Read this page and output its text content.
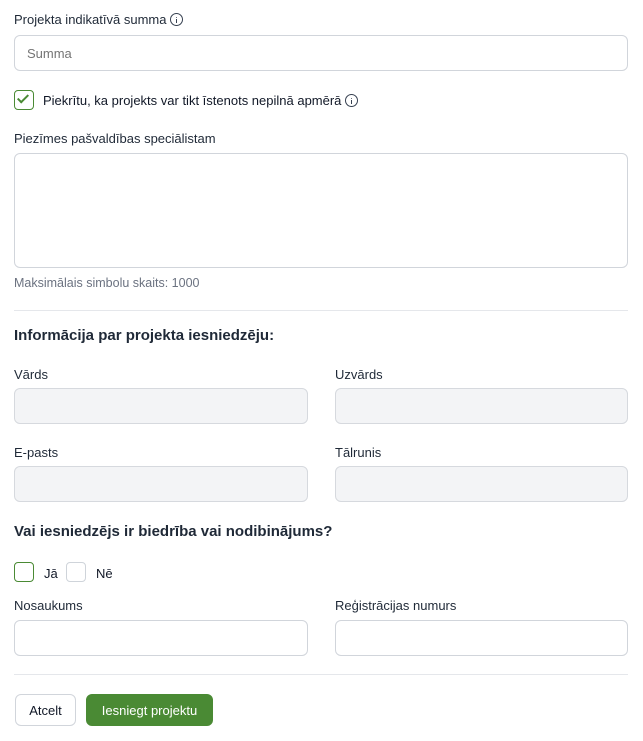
Projekta indikatīvā summa
Summa
Piekrītu, ka projekts var tikt īstenots nepilnā apmērā
Piezīmes pašvaldības speciālistam
Maksimālais simbolu skaits: 1000
Informācija par projekta iesniedzēju:
Vārds	Uzvārds
E-pasts	Tālrunis
Vai iesniedzējs ir biedrība vai nodibinājums?
Jā	Nē
Nosaukums	Reģistrācijas numurs
Atcelt	Iesniegt projektu
